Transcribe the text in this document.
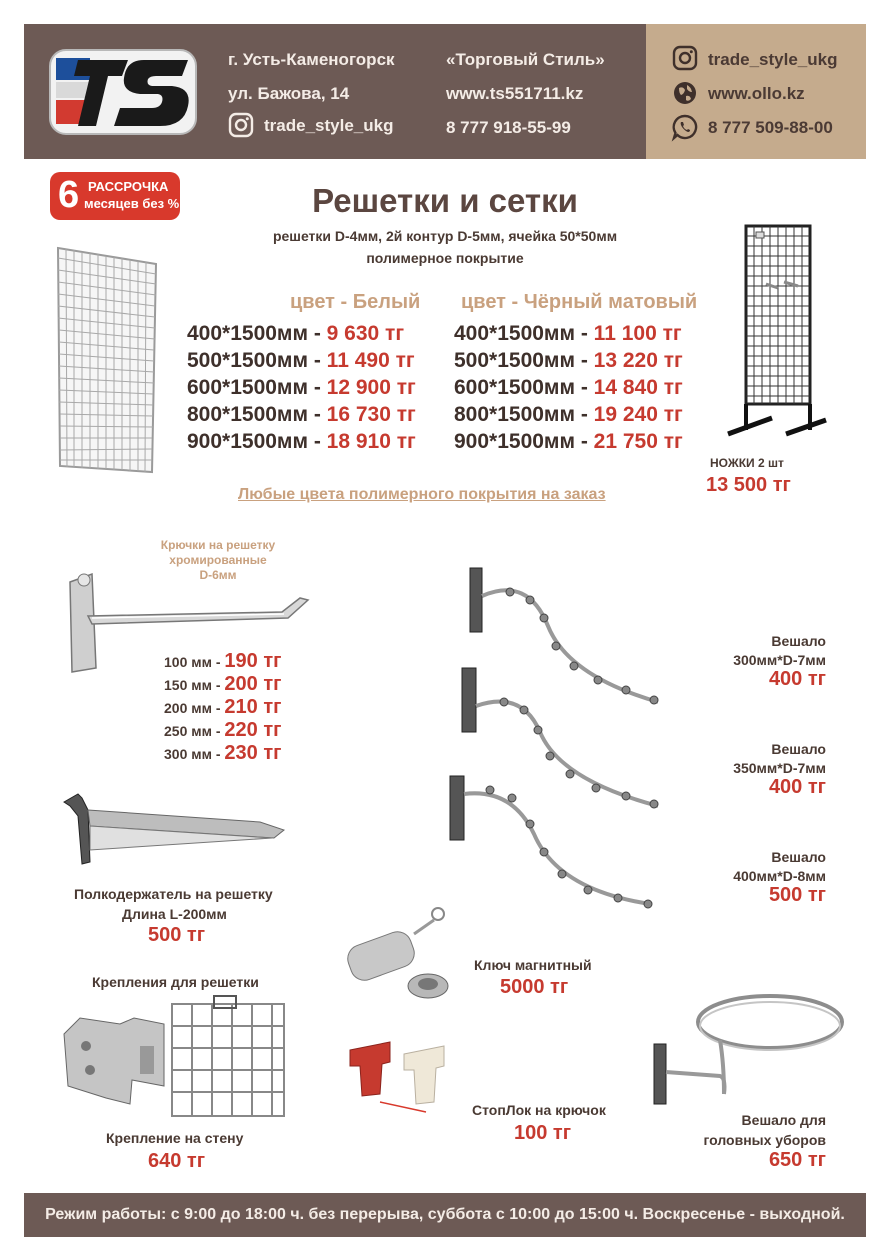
г. Усть-Каменогорск
ул. Бажова, 14
trade_style_ukg
«Торговый Стиль»
www.ts551711.kz
8 777 918-55-99
trade_style_ukg
www.ollo.kz
8 777 509-88-00
6 РАССРОЧКА
месяцев без %	Решетки и сетки
решетки D-4мм, 2й контур D-5мм, ячейка 50*50мм
полимерное покрытие
цвет - Белый цвет - Чёрный матовый
400*1500мм - 9 630 тг
500*1500мм - 11 490 тг
600*1500мм - 12 900 тг
800*1500мм - 16 730 тг
900*1500мм - 18 910 тг
400*1500мм - 11 100 тг
500*1500мм - 13 220 тг
600*1500мм - 14 840 тг
800*1500мм - 19 240 тг
900*1500мм - 21 750 тг
НОЖКИ 2 шт
13 500 тг
Любые цвета полимерного покрытия на заказ
Крючки на решетку
хромированные
D-6мм
100 мм - 190 тг
150 мм - 200 тг
200 мм - 210 тг
250 мм - 220 тг
300 мм - 230 тг
Вешало
300мм*D-7мм
400 тг
Вешало
350мм*D-7мм
400 тг
Вешало
400мм*D-8мм
500 тг
Полкодержатель на решетку
Длина L-200мм
500 тг
Ключ магнитный
5000 тг
Крепления для решетки
Крепление на стену
640 тг
СтопЛок на крючок
100 тг
Вешало для
головных уборов
650 тг
Режим работы: с 9:00 до 18:00 ч. без перерыва, суббота с 10:00 до 15:00 ч. Воскресенье - выходной.
